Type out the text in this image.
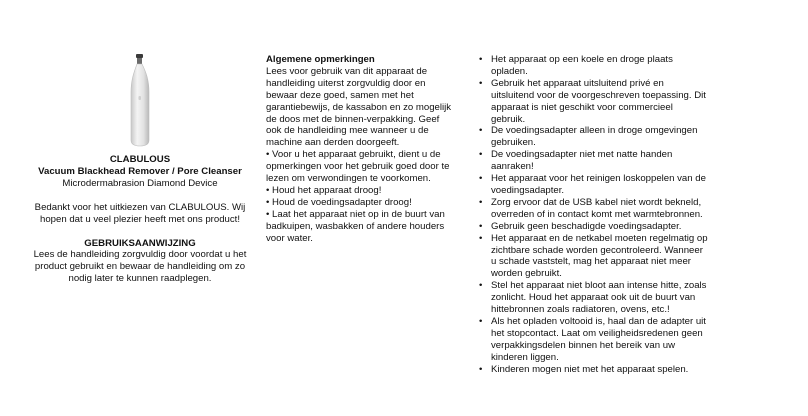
CLABULOUS

Vacuum Blackhead Remover / Pore Cleanser

Microdermabrasion Diamond Device

Bedankt voor het uitkiezen van CLABULOUS. Wij hopen dat u veel plezier heeft met ons product!

GEBRUIKSAANWIJZING

Lees de handleiding zorgvuldig door voordat u het product gebruikt en bewaar de handleiding om zo nodig later te kunnen raadplegen.

Algemene opmerkingen

Lees voor gebruik van dit apparaat de handleiding uiterst zorgvuldig door en bewaar deze goed, samen met het garantiebewijs, de kassabon en zo mogelijk de doos met de binnen-verpakking. Geef ook de handleiding mee wanneer u de machine aan derden doorgeeft.

• Voor u het apparaat gebruikt, dient u de opmerkingen voor het gebruik goed door te lezen om verwondingen te voorkomen.

• Houd het apparaat droog!

• Houd de voedingsadapter droog!

• Laat het apparaat niet op in de buurt van badkuipen, wasbakken of andere houders voor water.

• Het apparaat op een koele en droge plaats opladen.
• Gebruik het apparaat uitsluitend privé en uitsluitend voor de voorgeschreven toepassing. Dit apparaat is niet geschikt voor commercieel gebruik.
• De voedingsadapter alleen in droge omgevingen gebruiken.
• De voedingsadapter niet met natte handen aanraken!
• Het apparaat voor het reinigen loskoppelen van de voedingsadapter.
• Zorg ervoor dat de USB kabel niet wordt bekneld, overreden of in contact komt met warmtebronnen.
• Gebruik geen beschadigde voedingsadapter.
• Het apparaat en de netkabel moeten regelmatig op zichtbare schade worden gecontroleerd. Wanneer u schade vaststelt, mag het apparaat niet meer worden gebruikt.
• Stel het apparaat niet bloot aan intense hitte, zoals zonlicht. Houd het apparaat ook uit de buurt van hittebronnen zoals radiatoren, ovens, etc.!
• Als het opladen voltooid is, haal dan de adapter uit het stopcontact. Laat om veiligheidsredenen geen verpakkingsdelen binnen het bereik van uw kinderen liggen.
• Kinderen mogen niet met het apparaat spelen.
